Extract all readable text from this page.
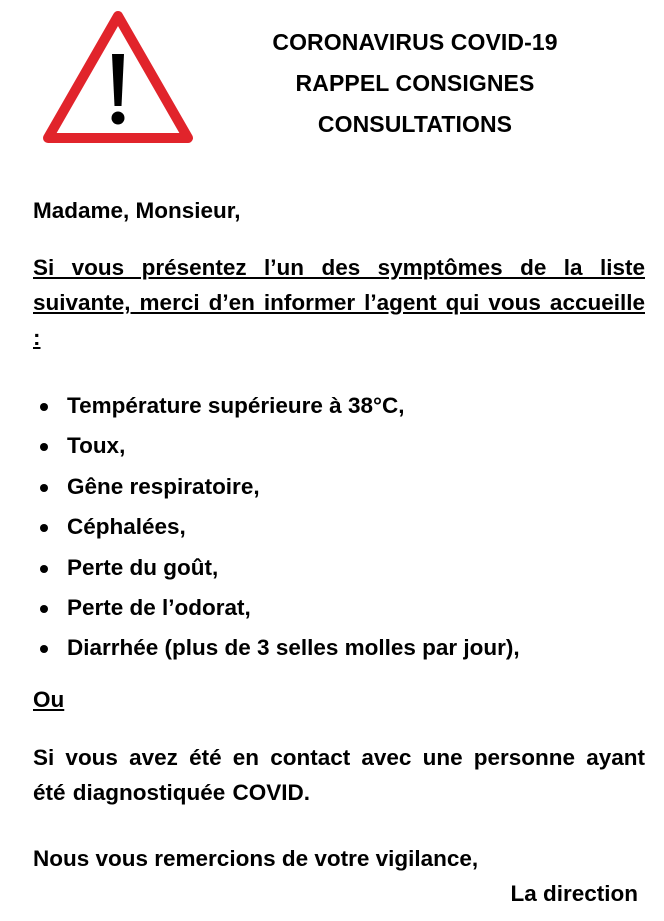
CORONAVIRUS COVID-19
RAPPEL CONSIGNES
CONSULTATIONS
Madame, Monsieur,
Si vous présentez l’un des symptômes de la liste suivante, merci d’en informer l’agent qui vous accueille :
Température supérieure à 38°C,
Toux,
Gêne respiratoire,
Céphalées,
Perte du goût,
Perte de l’odorat,
Diarrhée (plus de 3 selles molles par jour),
Ou
Si vous avez été en contact avec une personne ayant été diagnostiquée COVID.
Nous vous remercions de votre vigilance,
La direction
